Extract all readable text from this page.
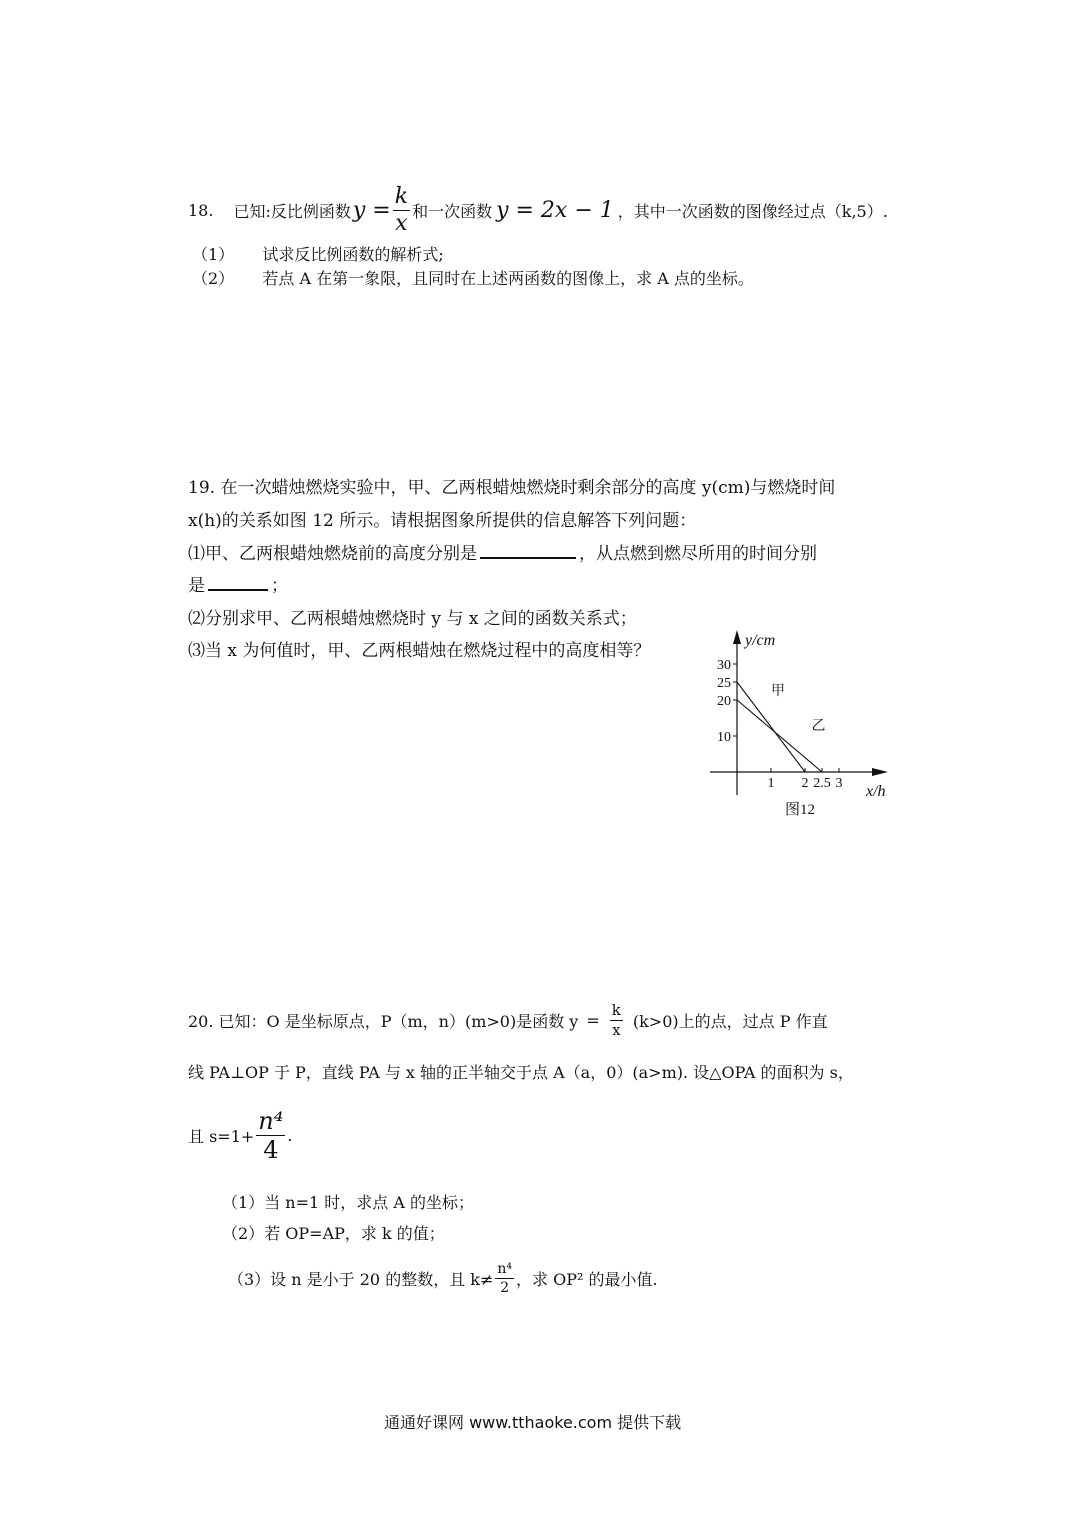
18. 已知:反比例函数 $y = \frac{k}{x}$ 和一次函数 y = 2x − 1 ，其中一次函数的图像经过点（k,5）.
（1） 试求反比例函数的解析式;
（2） 若点 A 在第一象限，且同时在上述两函数的图像上，求 A 点的坐标。
19. 在一次蜡烛燃烧实验中，甲、乙两根蜡烛燃烧时剩余部分的高度 y(cm)与燃烧时间
x(h)的关系如图 12 所示。请根据图象所提供的信息解答下列问题：
⑴甲、乙两根蜡烛燃烧前的高度分别是	，从点燃到燃尽所用的时间分别
是	；
⑵分别求甲、乙两根蜡烛燃烧时 y 与 x 之间的函数关系式；
⑶当 x 为何值时，甲、乙两根蜡烛在燃烧过程中的高度相等？
y/cm
x/h
10
20
25
30
1 2 2.5 3
甲
乙
图12
20. 已知：O 是坐标原点，P（m，n）(m>0)是函数 $y = \frac{k}{x} (k>0)$上的点，过点 P 作直
线 PA⊥OP 于 P，直线 PA 与 x 轴的正半轴交于点 A（a，0）(a>m). 设△OPA 的面积为 s，
且 $s=1+ \frac{\text{n⁴}}{4}$ .
（1）当 n=1 时，求点 A 的坐标；
（2）若 OP=AP，求 k 的值；
（3）设 n 是小于 20 的整数，且 $k\ne \frac{\text{n⁴}}{2}$ ，求 OP² 的最小值.
通通好课网 www.tthaoke.com 提供下载
